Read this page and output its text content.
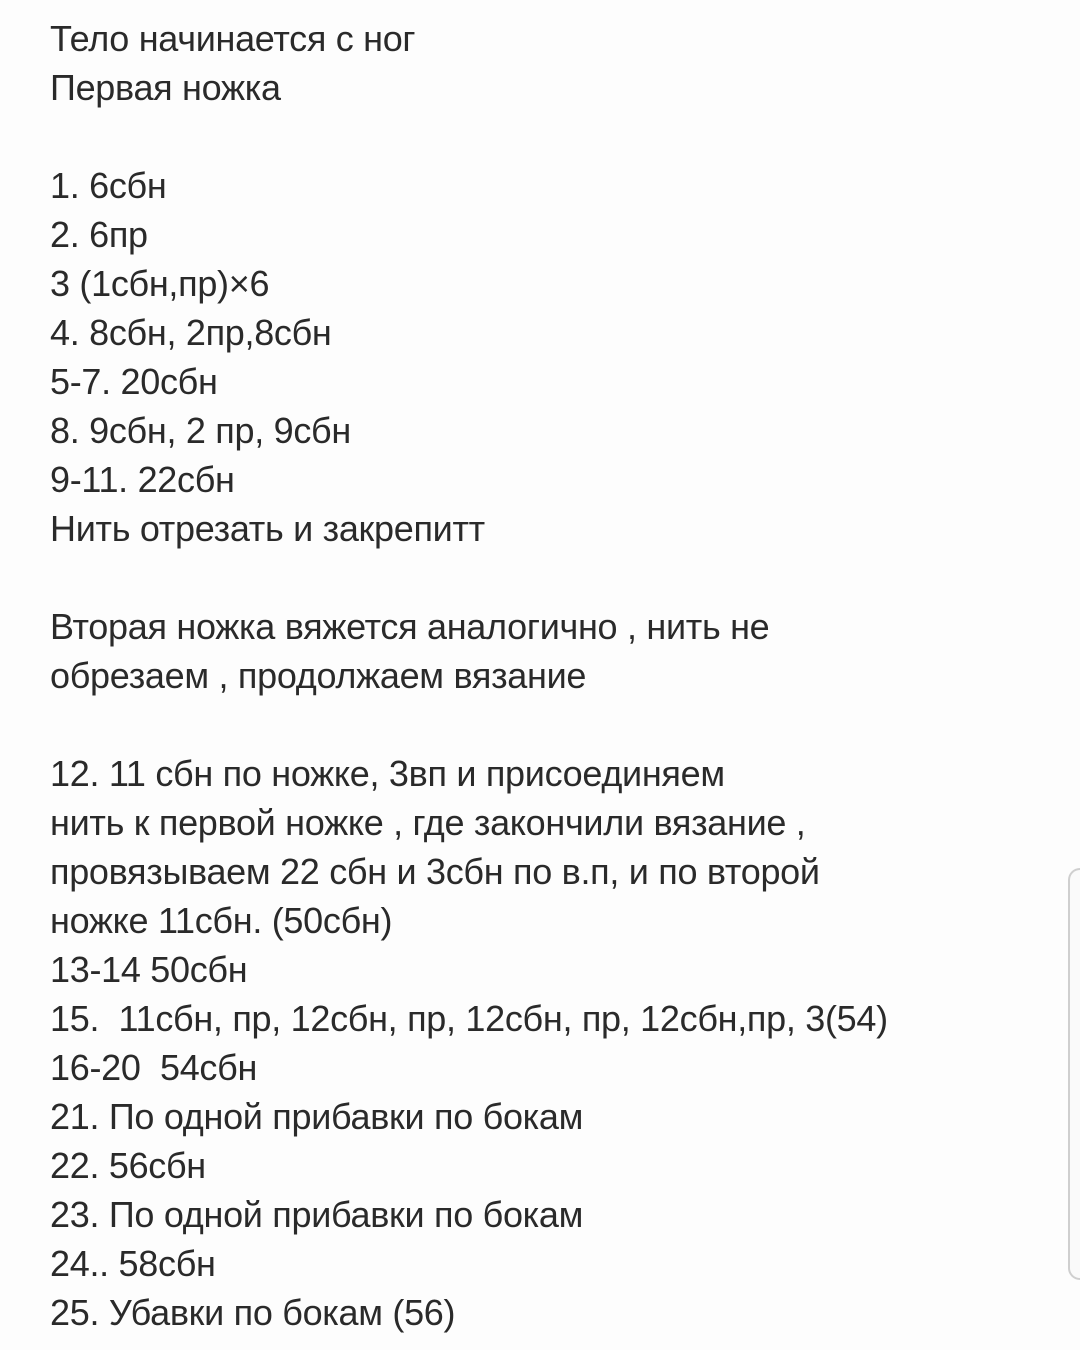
Тело начинается с ног
Первая ножка
1. 6сбн
2. 6пр
3 (1сбн,пр)×6
4. 8сбн, 2пр,8сбн
5-7. 20сбн
8. 9сбн, 2 пр, 9сбн
9-11. 22сбн
Нить отрезать и закрепитт
Вторая ножка вяжется аналогично , нить не
обрезаем , продолжаем вязание
12. 11 сбн по ножке, 3вп и присоединяем
нить к первой ножке , где закончили вязание ,
провязываем 22 сбн и 3сбн по в.п, и по второй
ножке 11сбн. (50сбн)
13-14 50сбн
15.  11сбн, пр, 12сбн, пр, 12сбн, пр, 12сбн,пр, 3(54)
16-20  54сбн
21. По одной прибавки по бокам
22. 56сбн
23. По одной прибавки по бокам
24.. 58сбн
25. Убавки по бокам (56)
